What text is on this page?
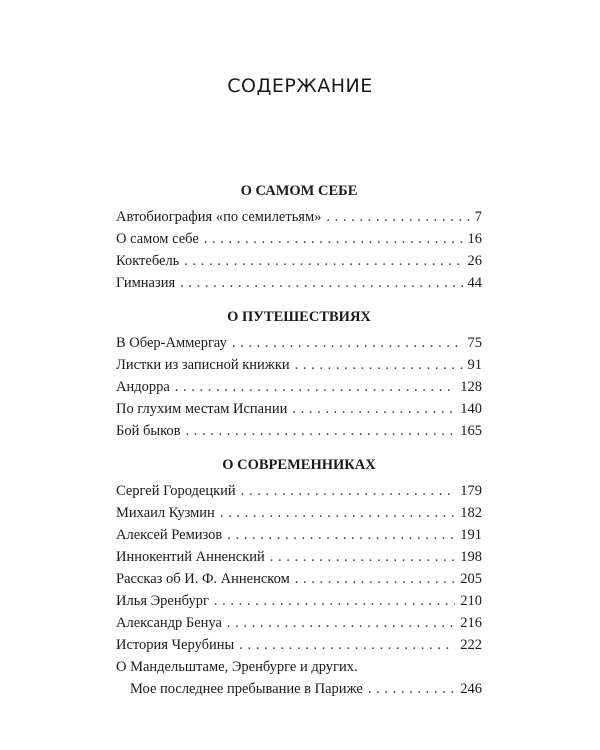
СОДЕРЖАНИЕ
О САМОМ СЕБЕ
Автобиография «по семилетьям» . . .	7
О самом себе . . .	16
Коктебель . . .	26
Гимназия . . .	44
О ПУТЕШЕСТВИЯХ
В Обер-Аммергау . . .	75
Листки из записной книжки . . .	91
Андорра . . .	128
По глухим местам Испании . . .	140
Бой быков . . .	165
О СОВРЕМЕННИКАХ
Сергей Городецкий . . .	179
Михаил Кузмин . . .	182
Алексей Ремизов . . .	191
Иннокентий Анненский . . .	198
Рассказ об И. Ф. Анненском . . .	205
Илья Эренбург . . .	210
Александр Бенуа . . .	216
История Черубины . . .	222
О Мандельштаме, Эренбурге и других.
Мое последнее пребывание в Париже . . .	246
